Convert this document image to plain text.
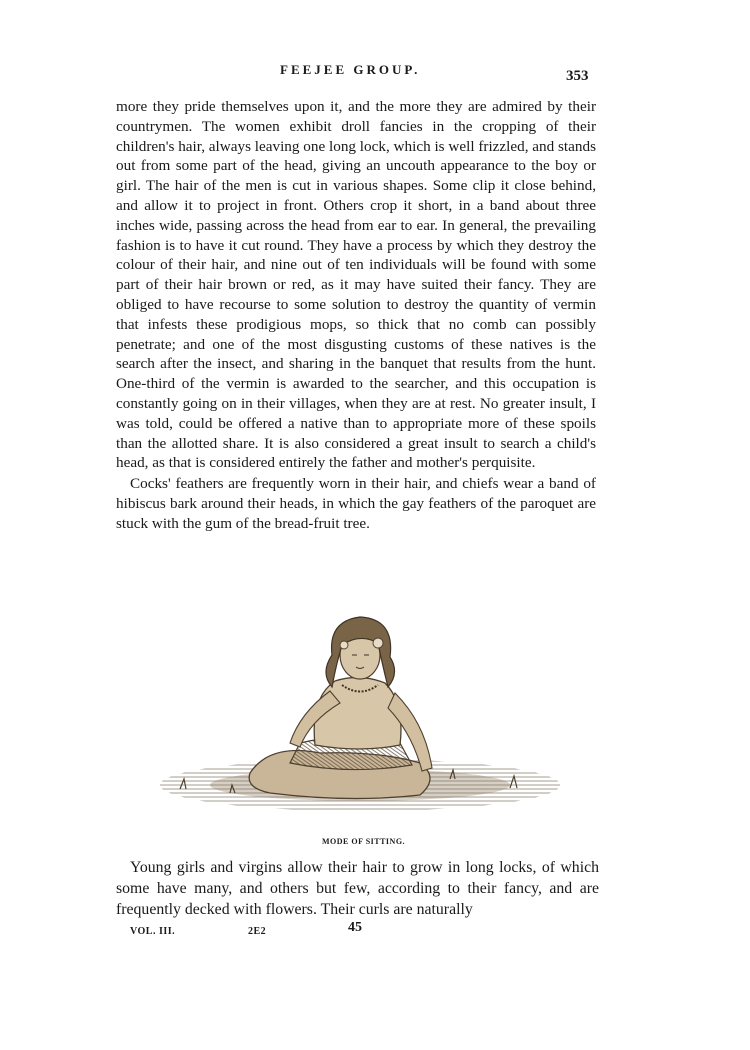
FEEJEE GROUP.	353

more they pride themselves upon it, and the more they are admired by their countrymen. The women exhibit droll fancies in the cropping of their children's hair, always leaving one long lock, which is well frizzled, and stands out from some part of the head, giving an uncouth appearance to the boy or girl. The hair of the men is cut in various shapes. Some clip it close behind, and allow it to project in front. Others crop it short, in a band about three inches wide, passing across the head from ear to ear. In general, the prevailing fashion is to have it cut round. They have a process by which they destroy the colour of their hair, and nine out of ten individuals will be found with some part of their hair brown or red, as it may have suited their fancy. They are obliged to have recourse to some solution to destroy the quantity of vermin that infests these prodigious mops, so thick that no comb can possibly penetrate; and one of the most disgusting customs of these natives is the search after the insect, and sharing in the banquet that results from the hunt. One-third of the vermin is awarded to the searcher, and this occupation is constantly going on in their villages, when they are at rest. No greater insult, I was told, could be offered a native than to appropriate more of these spoils than the allotted share. It is also considered a great insult to search a child's head, as that is considered entirely the father and mother's perquisite.

Cocks' feathers are frequently worn in their hair, and chiefs wear a band of hibiscus bark around their heads, in which the gay feathers of the paroquet are stuck with the gum of the bread-fruit tree.

MODE OF SITTING.

Young girls and virgins allow their hair to grow in long locks, of which some have many, and others but few, according to their fancy, and are frequently decked with flowers. Their curls are naturally

VOL. III.	2E2	45
